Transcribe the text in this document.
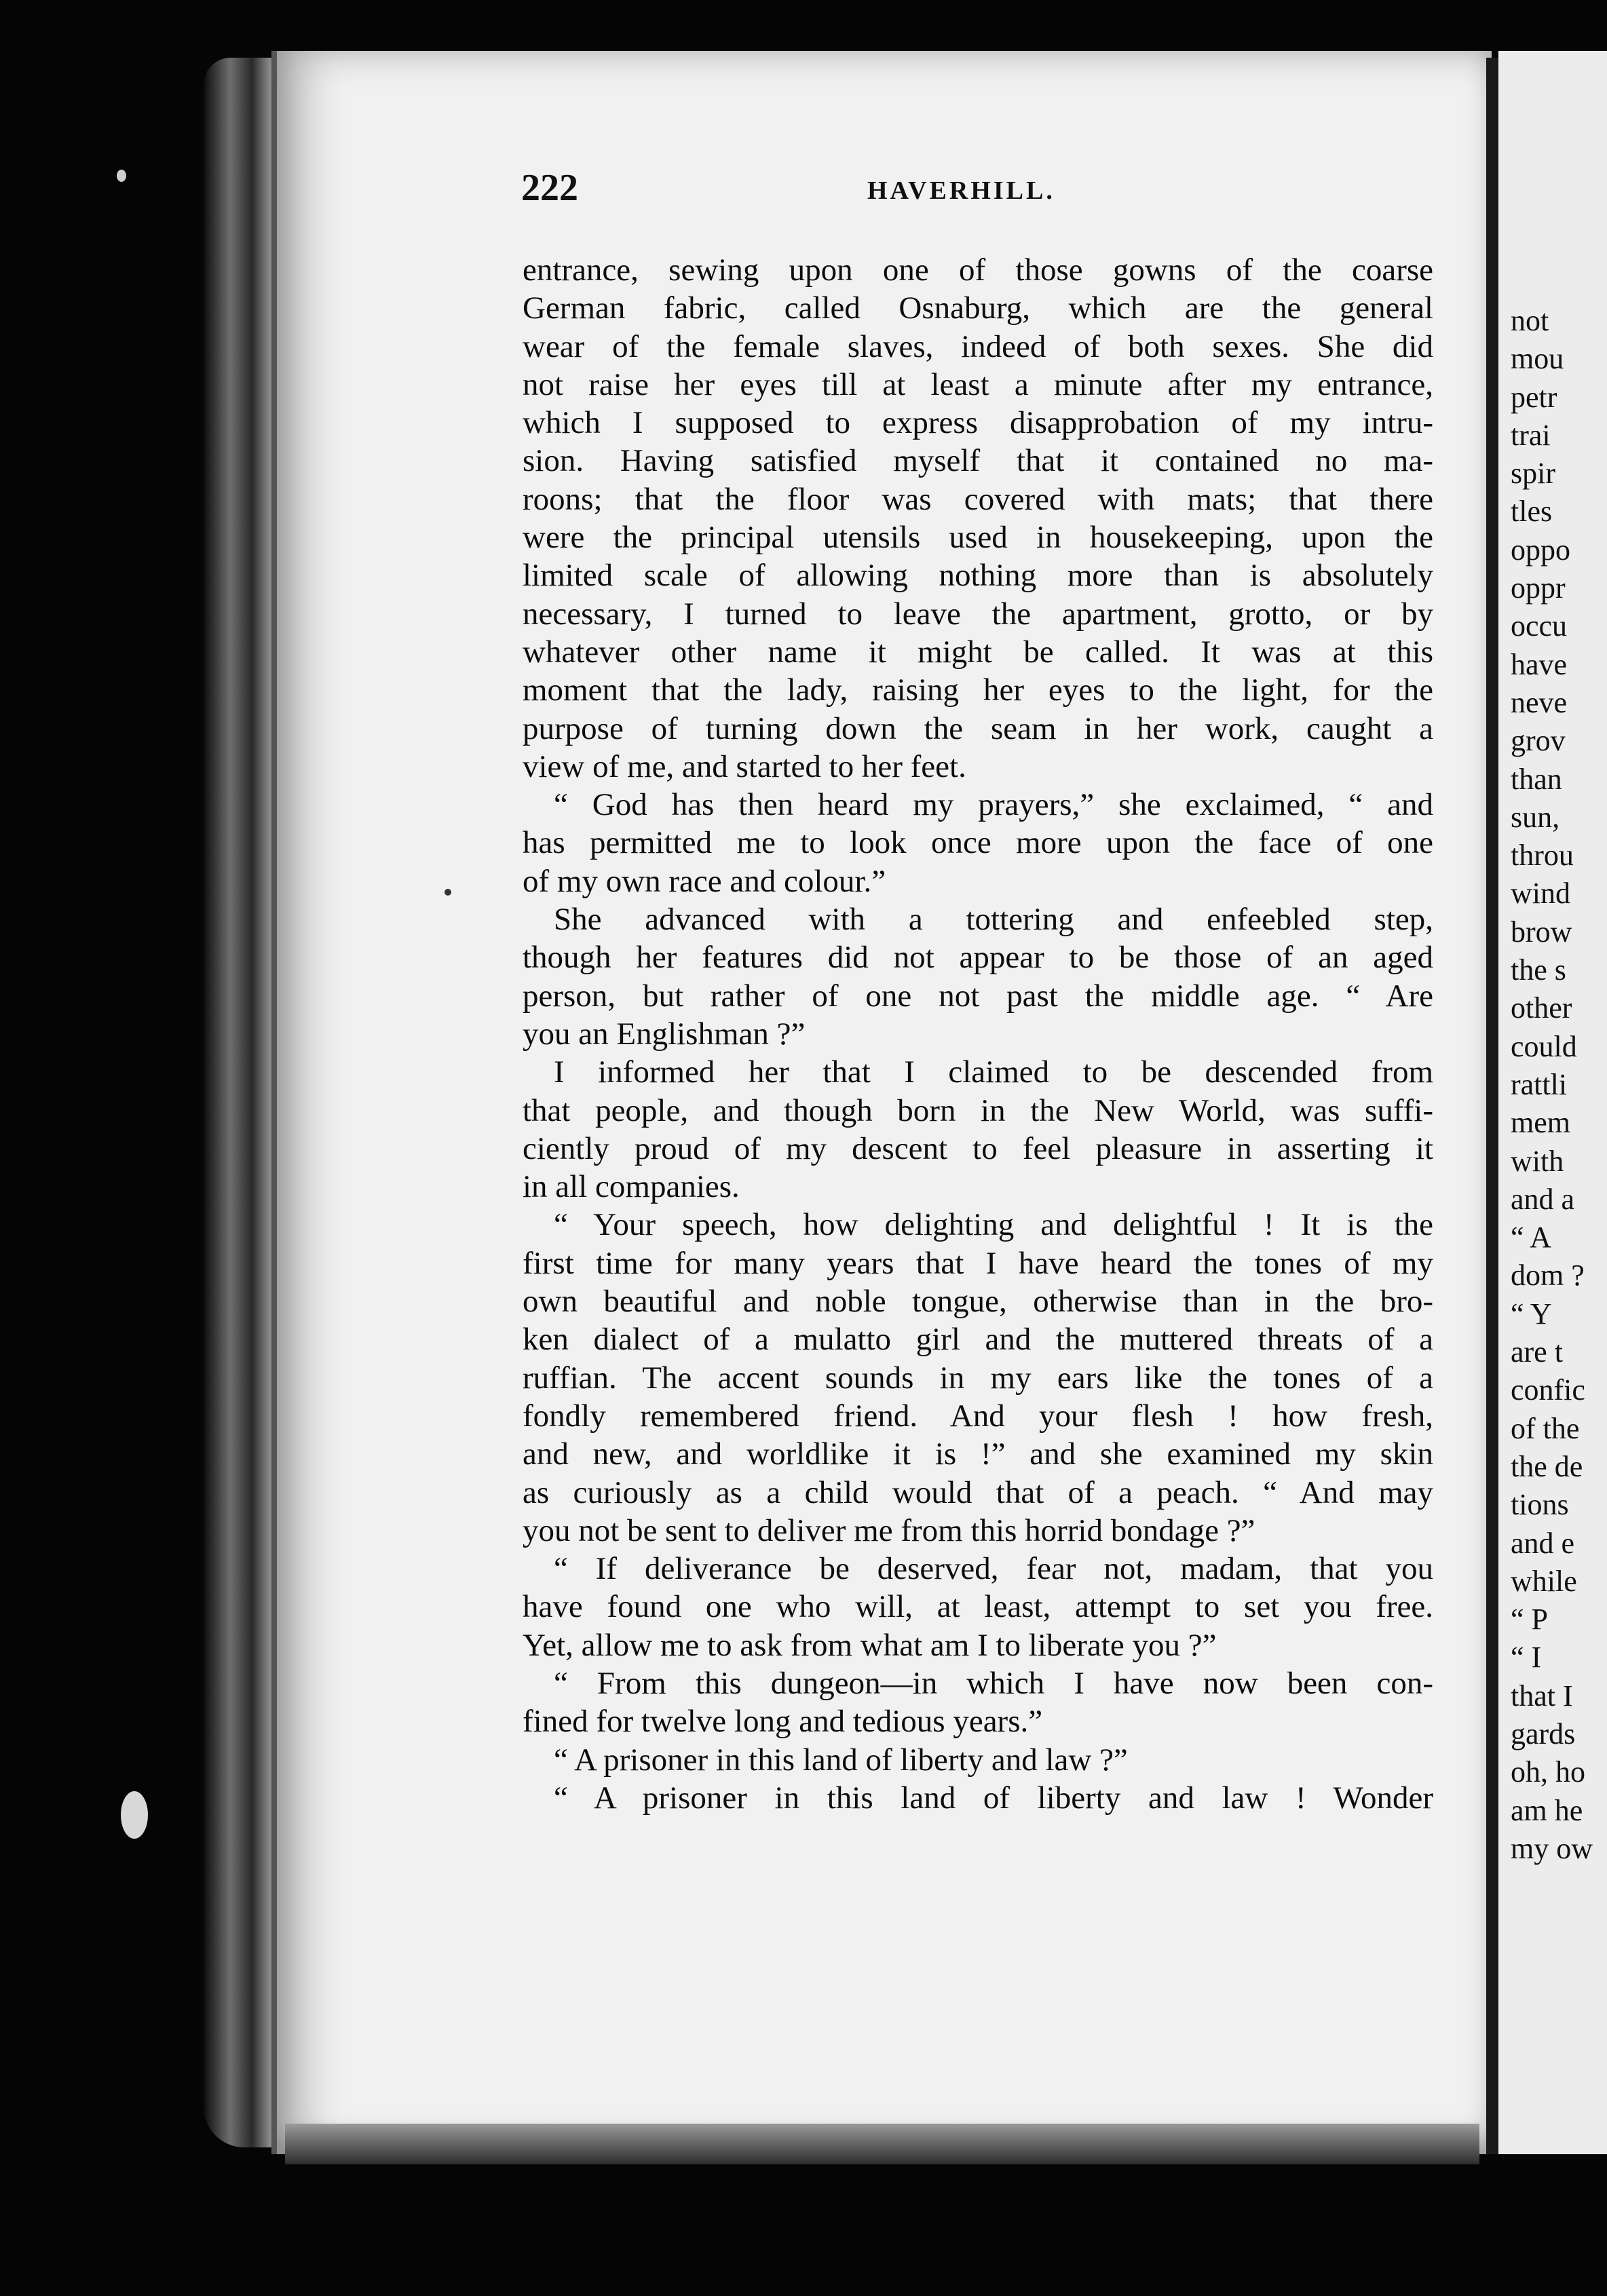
not
mou
petr
trai
spir
tles
oppo
oppr
occu
have
neve
grov
than
sun,
throu
wind
brow
the s
other
could
rattli
mem
with
and a
“ A
dom ?
“ Y
are t
confic
of the
the de
tions
and e
while
“ P
“ I
that I
gards
oh, ho
am he
my ow
222	HAVERHILL.
entrance, sewing upon one of those gowns of the coarse
German fabric, called Osnaburg, which are the general
wear of the female slaves, indeed of both sexes. She did
not raise her eyes till at least a minute after my entrance,
which I supposed to express disapprobation of my intru-
sion. Having satisfied myself that it contained no ma-
roons; that the floor was covered with mats; that there
were the principal utensils used in housekeeping, upon the
limited scale of allowing nothing more than is absolutely
necessary, I turned to leave the apartment, grotto, or by
whatever other name it might be called. It was at this
moment that the lady, raising her eyes to the light, for the
purpose of turning down the seam in her work, caught a
view of me, and started to her feet.
“ God has then heard my prayers,” she exclaimed, “ and
has permitted me to look once more upon the face of one
of my own race and colour.”
She advanced with a tottering and enfeebled step,
though her features did not appear to be those of an aged
person, but rather of one not past the middle age. “ Are
you an Englishman ?”
I informed her that I claimed to be descended from
that people, and though born in the New World, was suffi-
ciently proud of my descent to feel pleasure in asserting it
in all companies.
“ Your speech, how delighting and delightful ! It is the
first time for many years that I have heard the tones of my
own beautiful and noble tongue, otherwise than in the bro-
ken dialect of a mulatto girl and the muttered threats of a
ruffian. The accent sounds in my ears like the tones of a
fondly remembered friend. And your flesh ! how fresh,
and new, and worldlike it is !” and she examined my skin
as curiously as a child would that of a peach. “ And may
you not be sent to deliver me from this horrid bondage ?”
“ If deliverance be deserved, fear not, madam, that you
have found one who will, at least, attempt to set you free.
Yet, allow me to ask from what am I to liberate you ?”
“ From this dungeon—in which I have now been con-
fined for twelve long and tedious years.”
“ A prisoner in this land of liberty and law ?”
“ A prisoner in this land of liberty and law ! Wonder
